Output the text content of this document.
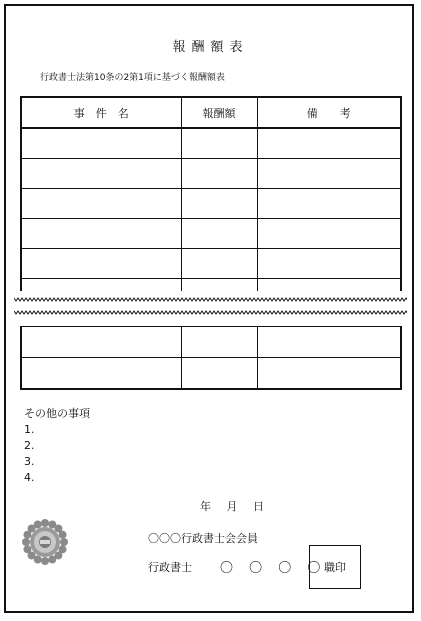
報酬額表
行政書士法第10条の2第1項に基づく報酬額表
事　件　名	報酬額	備　　考

その他の事項
1.
2.
3.
4.
年 月 日
〇〇〇行政書士会会員
行政書士 〇 〇 〇 〇
職印
